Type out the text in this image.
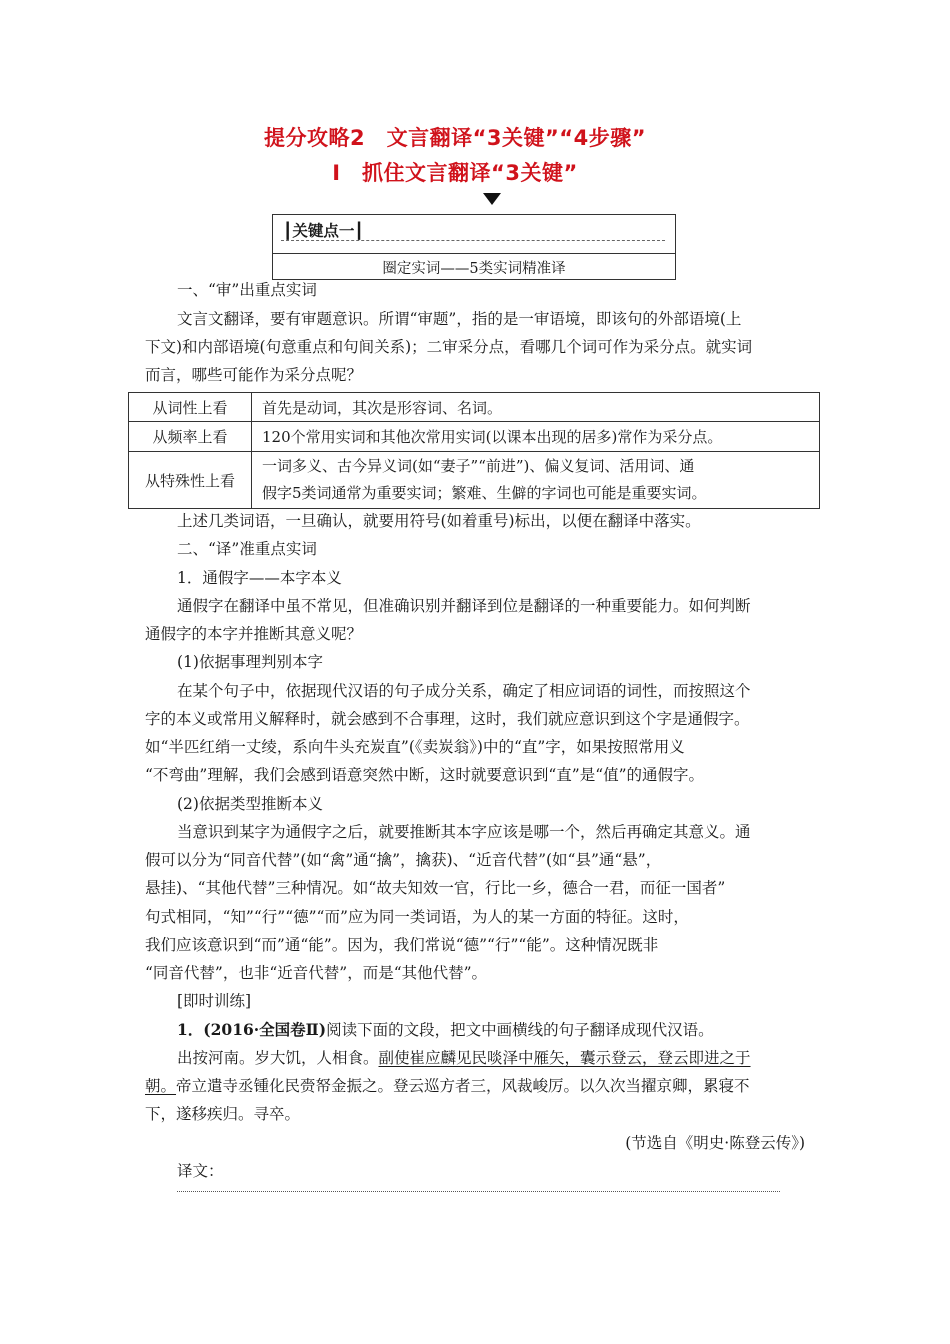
提分攻略2　文言翻译“3关键”“4步骤”
Ⅰ　抓住文言翻译“3关键”
┃关键点一┃
圈定实词——5类实词精准译
一、“审”出重点实词
文言文翻译，要有审题意识。所谓“审题”，指的是一审语境，即该句的外部语境(上
下文)和内部语境(句意重点和句间关系)；二审采分点，看哪几个词可作为采分点。就实词
而言，哪些可能作为采分点呢？
从词性上看	首先是动词，其次是形容词、名词。
从频率上看	120个常用实词和其他次常用实词(以课本出现的居多)常作为采分点。
从特殊性上看	一词多义、古今异义词(如“妻子”“前进”)、偏义复词、活用词、通
假字5类词通常为重要实词；繁难、生僻的字词也可能是重要实词。
上述几类词语，一旦确认，就要用符号(如着重号)标出，以便在翻译中落实。
二、“译”准重点实词
1．通假字——本字本义
通假字在翻译中虽不常见，但准确识别并翻译到位是翻译的一种重要能力。如何判断
通假字的本字并推断其意义呢？
(1)依据事理判别本字
在某个句子中，依据现代汉语的句子成分关系，确定了相应词语的词性，而按照这个
字的本义或常用义解释时，就会感到不合事理，这时，我们就应意识到这个字是通假字。
如“半匹红绡一丈绫，系向牛头充炭直”(《卖炭翁》)中的“直”字，如果按照常用义
“不弯曲”理解，我们会感到语意突然中断，这时就要意识到“直”是“值”的通假字。
(2)依据类型推断本义
当意识到某字为通假字之后，就要推断其本字应该是哪一个，然后再确定其意义。通
假可以分为“同音代替”(如“禽”通“擒”，擒获)、“近音代替”(如“县”通“悬”，
悬挂)、“其他代替”三种情况。如“故夫知效一官，行比一乡，德合一君，而征一国者”
句式相同，“知”“行”“德”“而”应为同一类词语，为人的某一方面的特征。这时，
我们应该意识到“而”通“能”。因为，我们常说“德”“行”“能”。这种情况既非
“同音代替”，也非“近音代替”，而是“其他代替”。
[即时训练]
1．(2016·全国卷Ⅱ)阅读下面的文段，把文中画横线的句子翻译成现代汉语。
出按河南。岁大饥，人相食。副使崔应麟见民啖泽中雁矢，囊示登云，登云即进之于
朝。帝立遣寺丞锺化民赍帑金振之。登云巡方者三，风裁峻厉。以久次当擢京卿，累寝不
下，遂移疾归。寻卒。
(节选自《明史·陈登云传》)
译文：
